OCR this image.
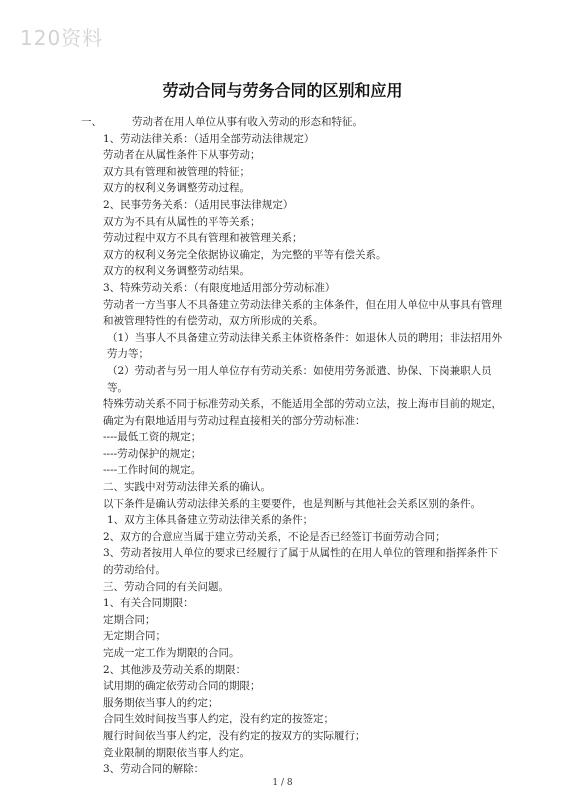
120资料
劳动合同与劳务合同的区别和应用
一、	劳动者在用人单位从事有收入劳动的形态和特征。
1、劳动法律关系：（适用全部劳动法律规定）
劳动者在从属性条件下从事劳动；
双方具有管理和被管理的特征；
双方的权利义务调整劳动过程。
2、民事劳务关系：（适用民事法律规定）
双方为不具有从属性的平等关系；
劳动过程中双方不具有管理和被管理关系；
双方的权利义务完全依据协议确定，为完整的平等有偿关系。
双方的权利义务调整劳动结果。
3、特殊劳动关系：（有限度地适用部分劳动标准）
劳动者一方当事人不具备建立劳动法律关系的主体条件，但在用人单位中从事具有管理和被管理特性的有偿劳动，双方所形成的关系。
（1）当事人不具备建立劳动法律关系主体资格条件：如退休人员的聘用；非法招用外劳力等；
（2）劳动者与另一用人单位存有劳动关系：如使用劳务派遣、协保、下岗兼职人员等。
特殊劳动关系不同于标准劳动关系，不能适用全部的劳动立法，按上海市目前的规定，确定为有限地适用与劳动过程直接相关的部分劳动标准：
----最低工资的规定；
----劳动保护的规定；
----工作时间的规定。
二、实践中对劳动法律关系的确认。
以下条件是确认劳动法律关系的主要要件，也是判断与其他社会关系区别的条件。
1、双方主体具备建立劳动法律关系的条件；
2、双方的合意应当属于建立劳动关系，不论是否已经签订书面劳动合同；
3、劳动者按用人单位的要求已经履行了属于从属性的在用人单位的管理和指挥条件下的劳动给付。
三、劳动合同的有关问题。
1、有关合同期限：
定期合同；
无定期合同；
完成一定工作为期限的合同。
2、其他涉及劳动关系的期限：
试用期的确定依劳动合同的期限；
服务期依当事人的约定；
合同生效时间按当事人约定，没有约定的按签定；
履行时间依当事人约定，没有约定的按双方的实际履行；
竞业限制的期限依当事人约定。
3、劳动合同的解除：
1 / 8
